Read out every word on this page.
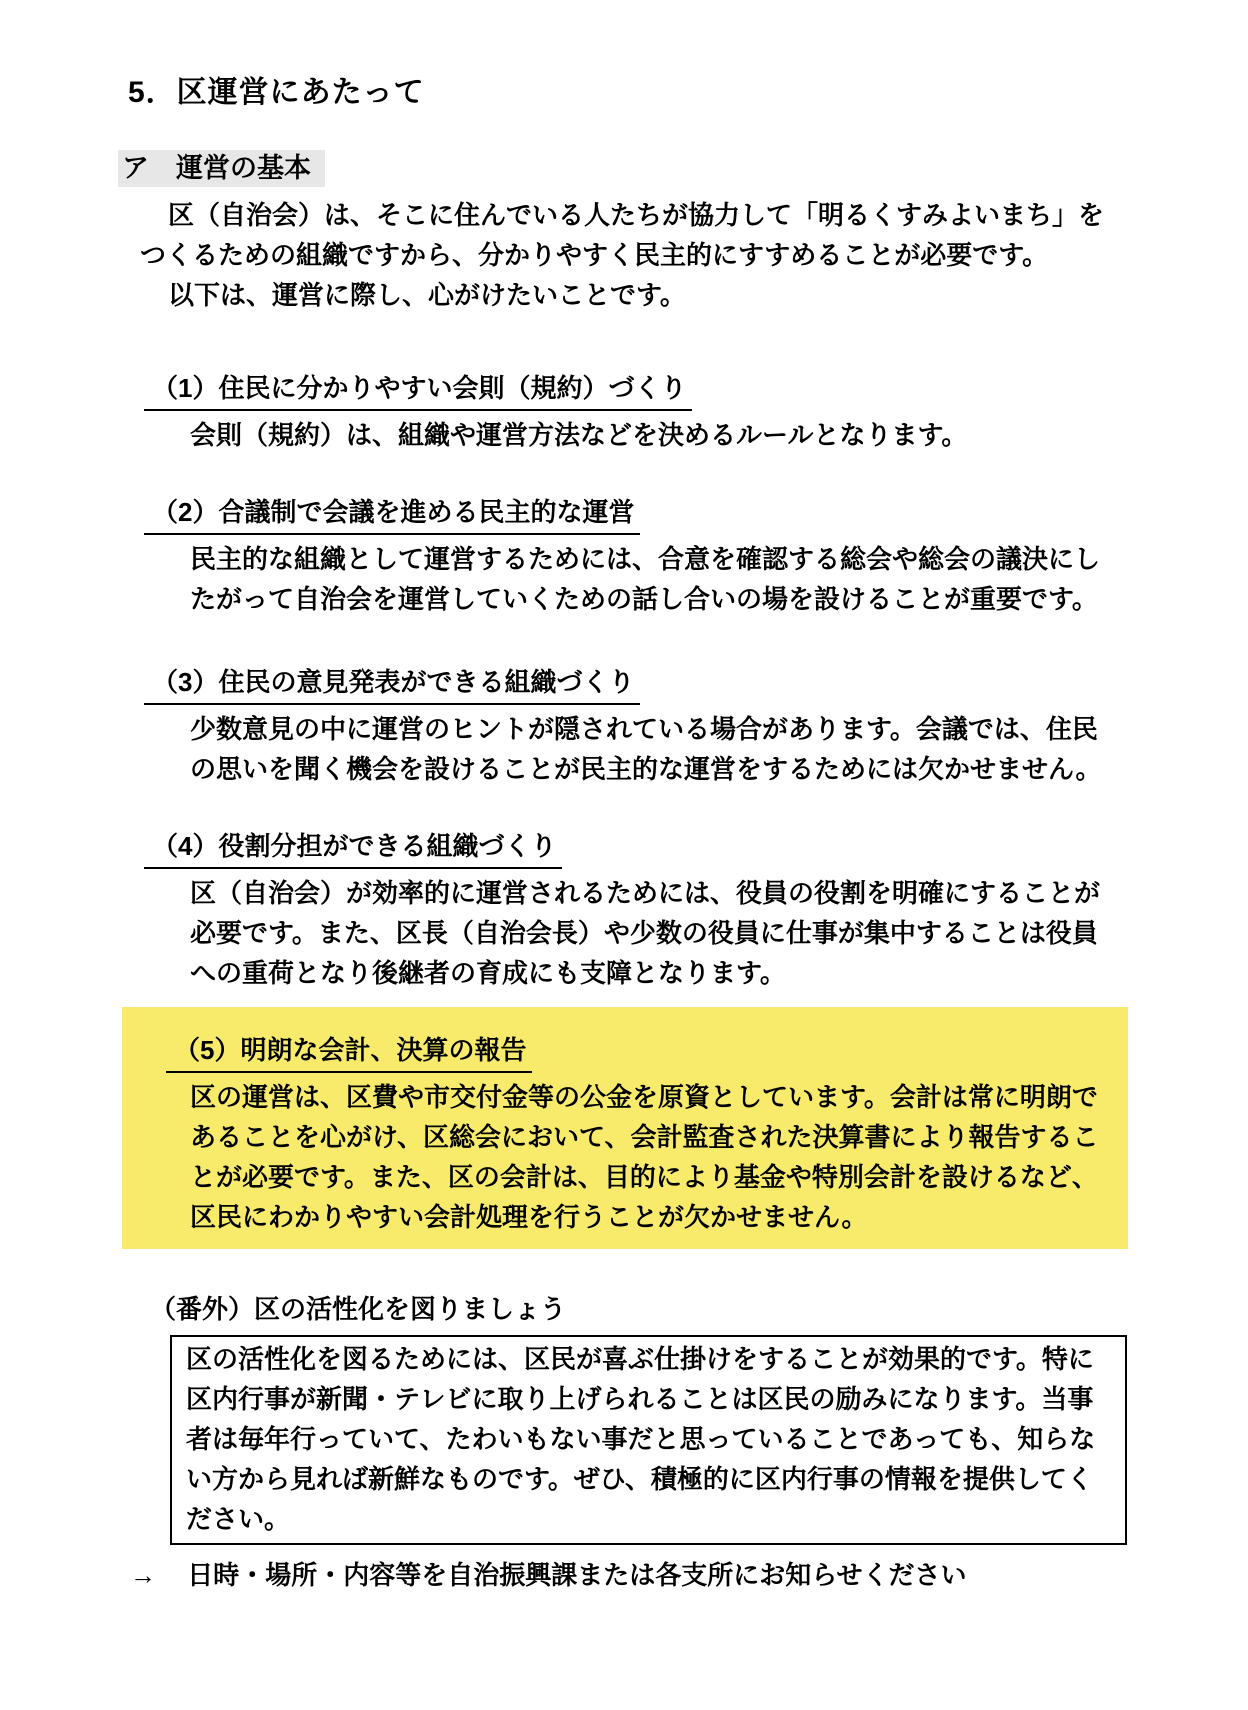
5．区運営にあたって
ア　運営の基本
区（自治会）は、そこに住んでいる人たちが協力して「明るくすみよいまち」を
つくるための組織ですから、分かりやすく民主的にすすめることが必要です。
以下は、運営に際し、心がけたいことです。
（1）住民に分かりやすい会則（規約）づくり
会則（規約）は、組織や運営方法などを決めるルールとなります。
（2）合議制で会議を進める民主的な運営
民主的な組織として運営するためには、合意を確認する総会や総会の議決にし
たがって自治会を運営していくための話し合いの場を設けることが重要です。
（3）住民の意見発表ができる組織づくり
少数意見の中に運営のヒントが隠されている場合があります。会議では、住民
の思いを聞く機会を設けることが民主的な運営をするためには欠かせません。
（4）役割分担ができる組織づくり
区（自治会）が効率的に運営されるためには、役員の役割を明確にすることが
必要です。また、区長（自治会長）や少数の役員に仕事が集中することは役員
への重荷となり後継者の育成にも支障となります。
（5）明朗な会計、決算の報告
区の運営は、区費や市交付金等の公金を原資としています。会計は常に明朗で
あることを心がけ、区総会において、会計監査された決算書により報告するこ
とが必要です。また、区の会計は、目的により基金や特別会計を設けるなど、
区民にわかりやすい会計処理を行うことが欠かせません。
（番外）区の活性化を図りましょう
区の活性化を図るためには、区民が喜ぶ仕掛けをすることが効果的です。特に
区内行事が新聞・テレビに取り上げられることは区民の励みになります。当事
者は毎年行っていて、たわいもない事だと思っていることであっても、知らな
い方から見れば新鮮なものです。ぜひ、積極的に区内行事の情報を提供してく
ださい。
→ 日時・場所・内容等を自治振興課または各支所にお知らせください
